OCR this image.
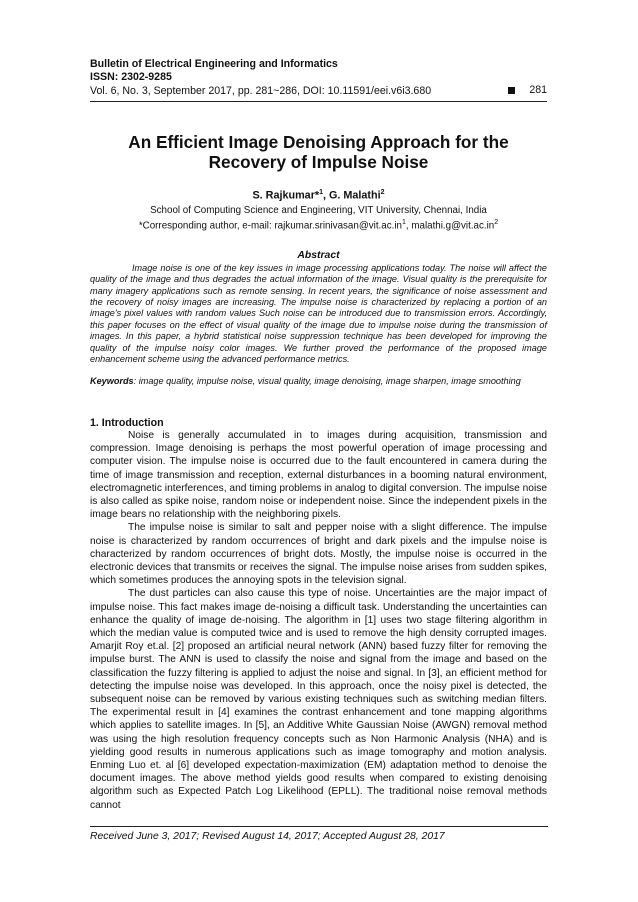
Bulletin of Electrical Engineering and Informatics
ISSN: 2302-9285
Vol. 6, No. 3, September 2017, pp. 281~286, DOI: 10.11591/eei.v6i3.680	281
An Efficient Image Denoising Approach for the
Recovery of Impulse Noise
S. Rajkumar*$^1$, G. Malathi$^2$
School of Computing Science and Engineering, VIT University, Chennai, India
*Corresponding author, e-mail: $rajkumar.srinivasan@vit.ac.in^1$, $malathi.g@vit.ac.in^2$
Abstract

Image noise is one of the key issues in image processing applications today. The noise will affect the quality of the image and thus degrades the actual information of the image. Visual quality is the prerequisite for many imagery applications such as remote sensing. In recent years, the significance of noise assessment and the recovery of noisy images are increasing. The impulse noise is characterized by replacing a portion of an image's pixel values with random values Such noise can be introduced due to transmission errors. Accordingly, this paper focuses on the effect of visual quality of the image due to impulse noise during the transmission of images. In this paper, a hybrid statistical noise suppression technique has been developed for improving the quality of the impulse noisy color images. We further proved the performance of the proposed image enhancement scheme using the advanced performance metrics.

Keywords: image quality, impulse noise, visual quality, image denoising, image sharpen, image smoothing
1. Introduction

Noise is generally accumulated in to images during acquisition, transmission and compression. Image denoising is perhaps the most powerful operation of image processing and computer vision. The impulse noise is occurred due to the fault encountered in camera during the time of image transmission and reception, external disturbances in a booming natural environment, electromagnetic interferences, and timing problems in analog to digital conversion. The impulse noise is also called as spike noise, random noise or independent noise. Since the independent pixels in the image bears no relationship with the neighboring pixels.

The impulse noise is similar to salt and pepper noise with a slight difference. The impulse noise is characterized by random occurrences of bright and dark pixels and the impulse noise is characterized by random occurrences of bright dots. Mostly, the impulse noise is occurred in the electronic devices that transmits or receives the signal. The impulse noise arises from sudden spikes, which sometimes produces the annoying spots in the television signal.

The dust particles can also cause this type of noise. Uncertainties are the major impact of impulse noise. This fact makes image de-noising a difficult task. Understanding the uncertainties can enhance the quality of image de-noising. The algorithm in [1] uses two stage filtering algorithm in which the median value is computed twice and is used to remove the high density corrupted images. Amarjit Roy et.al. [2] proposed an artificial neural network (ANN) based fuzzy filter for removing the impulse burst. The ANN is used to classify the noise and signal from the image and based on the classification the fuzzy filtering is applied to adjust the noise and signal. In [3], an efficient method for detecting the impulse noise was developed. In this approach, once the noisy pixel is detected, the subsequent noise can be removed by various existing techniques such as switching median filters. The experimental result in [4] examines the contrast enhancement and tone mapping algorithms which applies to satellite images. In [5], an Additive White Gaussian Noise (AWGN) removal method was using the high resolution frequency concepts such as Non Harmonic Analysis (NHA) and is yielding good results in numerous applications such as image tomography and motion analysis. Enming Luo et. al [6] developed expectation-maximization (EM) adaptation method to denoise the document images. The above method yields good results when compared to existing denoising algorithm such as Expected Patch Log Likelihood (EPLL). The traditional noise removal methods cannot

Received June 3, 2017; Revised August 14, 2017; Accepted August 28, 2017
